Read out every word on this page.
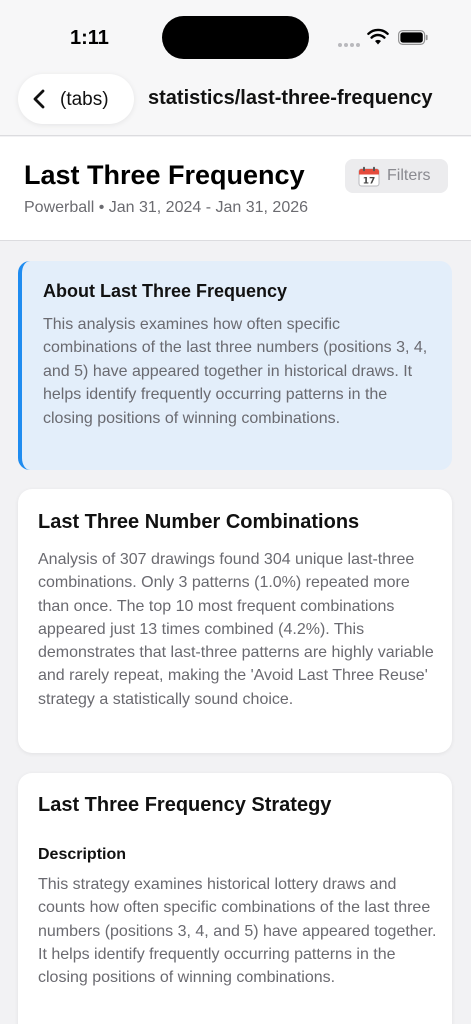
1:11
(tabs) statistics/last-three-frequency
Last Three Frequency
Powerball • Jan 31, 2024 - Jan 31, 2026
17 Filters
About Last Three Frequency
This analysis examines how often specific combinations of the last three numbers (positions 3, 4, and 5) have appeared together in historical draws. It helps identify frequently occurring patterns in the closing positions of winning combinations.
Last Three Number Combinations
Analysis of 307 drawings found 304 unique last-three combinations. Only 3 patterns (1.0%) repeated more than once. The top 10 most frequent combinations appeared just 13 times combined (4.2%). This demonstrates that last-three patterns are highly variable and rarely repeat, making the 'Avoid Last Three Reuse' strategy a statistically sound choice.
Last Three Frequency Strategy
Description
This strategy examines historical lottery draws and counts how often specific combinations of the last three numbers (positions 3, 4, and 5) have appeared together. It helps identify frequently occurring patterns in the closing positions of winning combinations.
